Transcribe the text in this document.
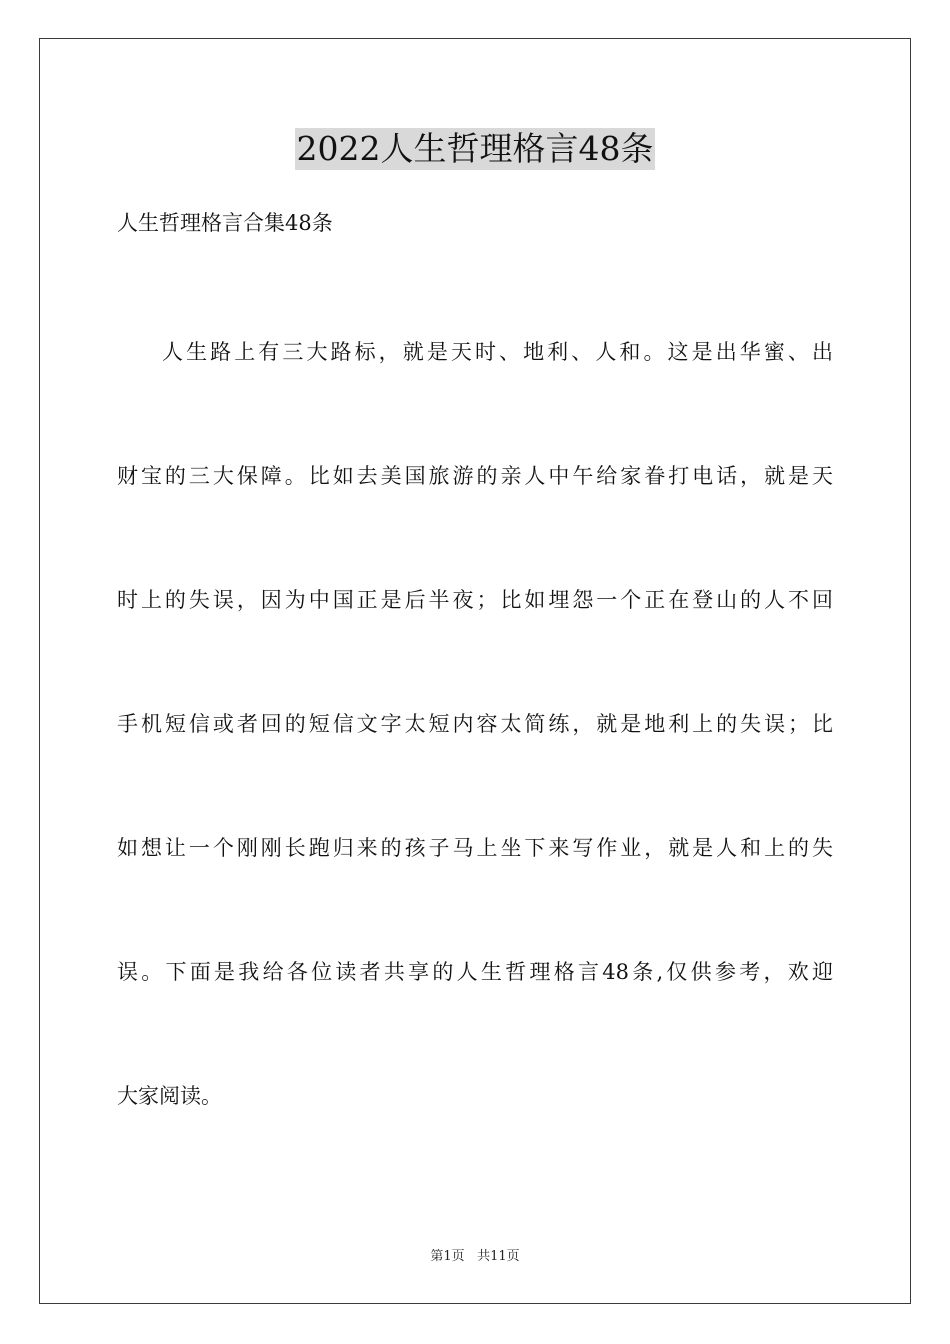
2022人生哲理格言48条
人生哲理格言合集48条
人生路上有三大路标，就是天时、地利、人和。这是出华蜜、出
财宝的三大保障。比如去美国旅游的亲人中午给家眷打电话，就是天
时上的失误，因为中国正是后半夜；比如埋怨一个正在登山的人不回
手机短信或者回的短信文字太短内容太简练，就是地利上的失误；比
如想让一个刚刚长跑归来的孩子马上坐下来写作业，就是人和上的失
误。下面是我给各位读者共享的人生哲理格言48条,仅供参考，欢迎
大家阅读。
第1页 共11页
